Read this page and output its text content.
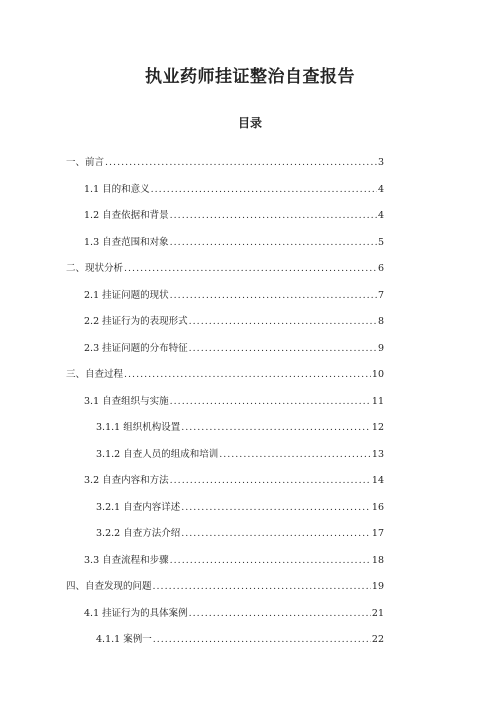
执业药师挂证整治自查报告
目录
一、前言 .....	3
1.1 目的和意义 .....	4
1.2 自查依据和背景 .....	4
1.3 自查范围和对象 .....	5
二、现状分析 .....	6
2.1 挂证问题的现状 .....	7
2.2 挂证行为的表现形式 .....	8
2.3 挂证问题的分布特征 .....	9
三、自查过程 .....	10
3.1 自查组织与实施 .....	11
3.1.1 组织机构设置 .....	12
3.1.2 自查人员的组成和培训 .....	13
3.2 自查内容和方法 .....	14
3.2.1 自查内容详述 .....	16
3.2.2 自查方法介绍 .....	17
3.3 自查流程和步骤 .....	18
四、自查发现的问题 .....	19
4.1 挂证行为的具体案例 .....	21
4.1.1 案例一 .....	22
